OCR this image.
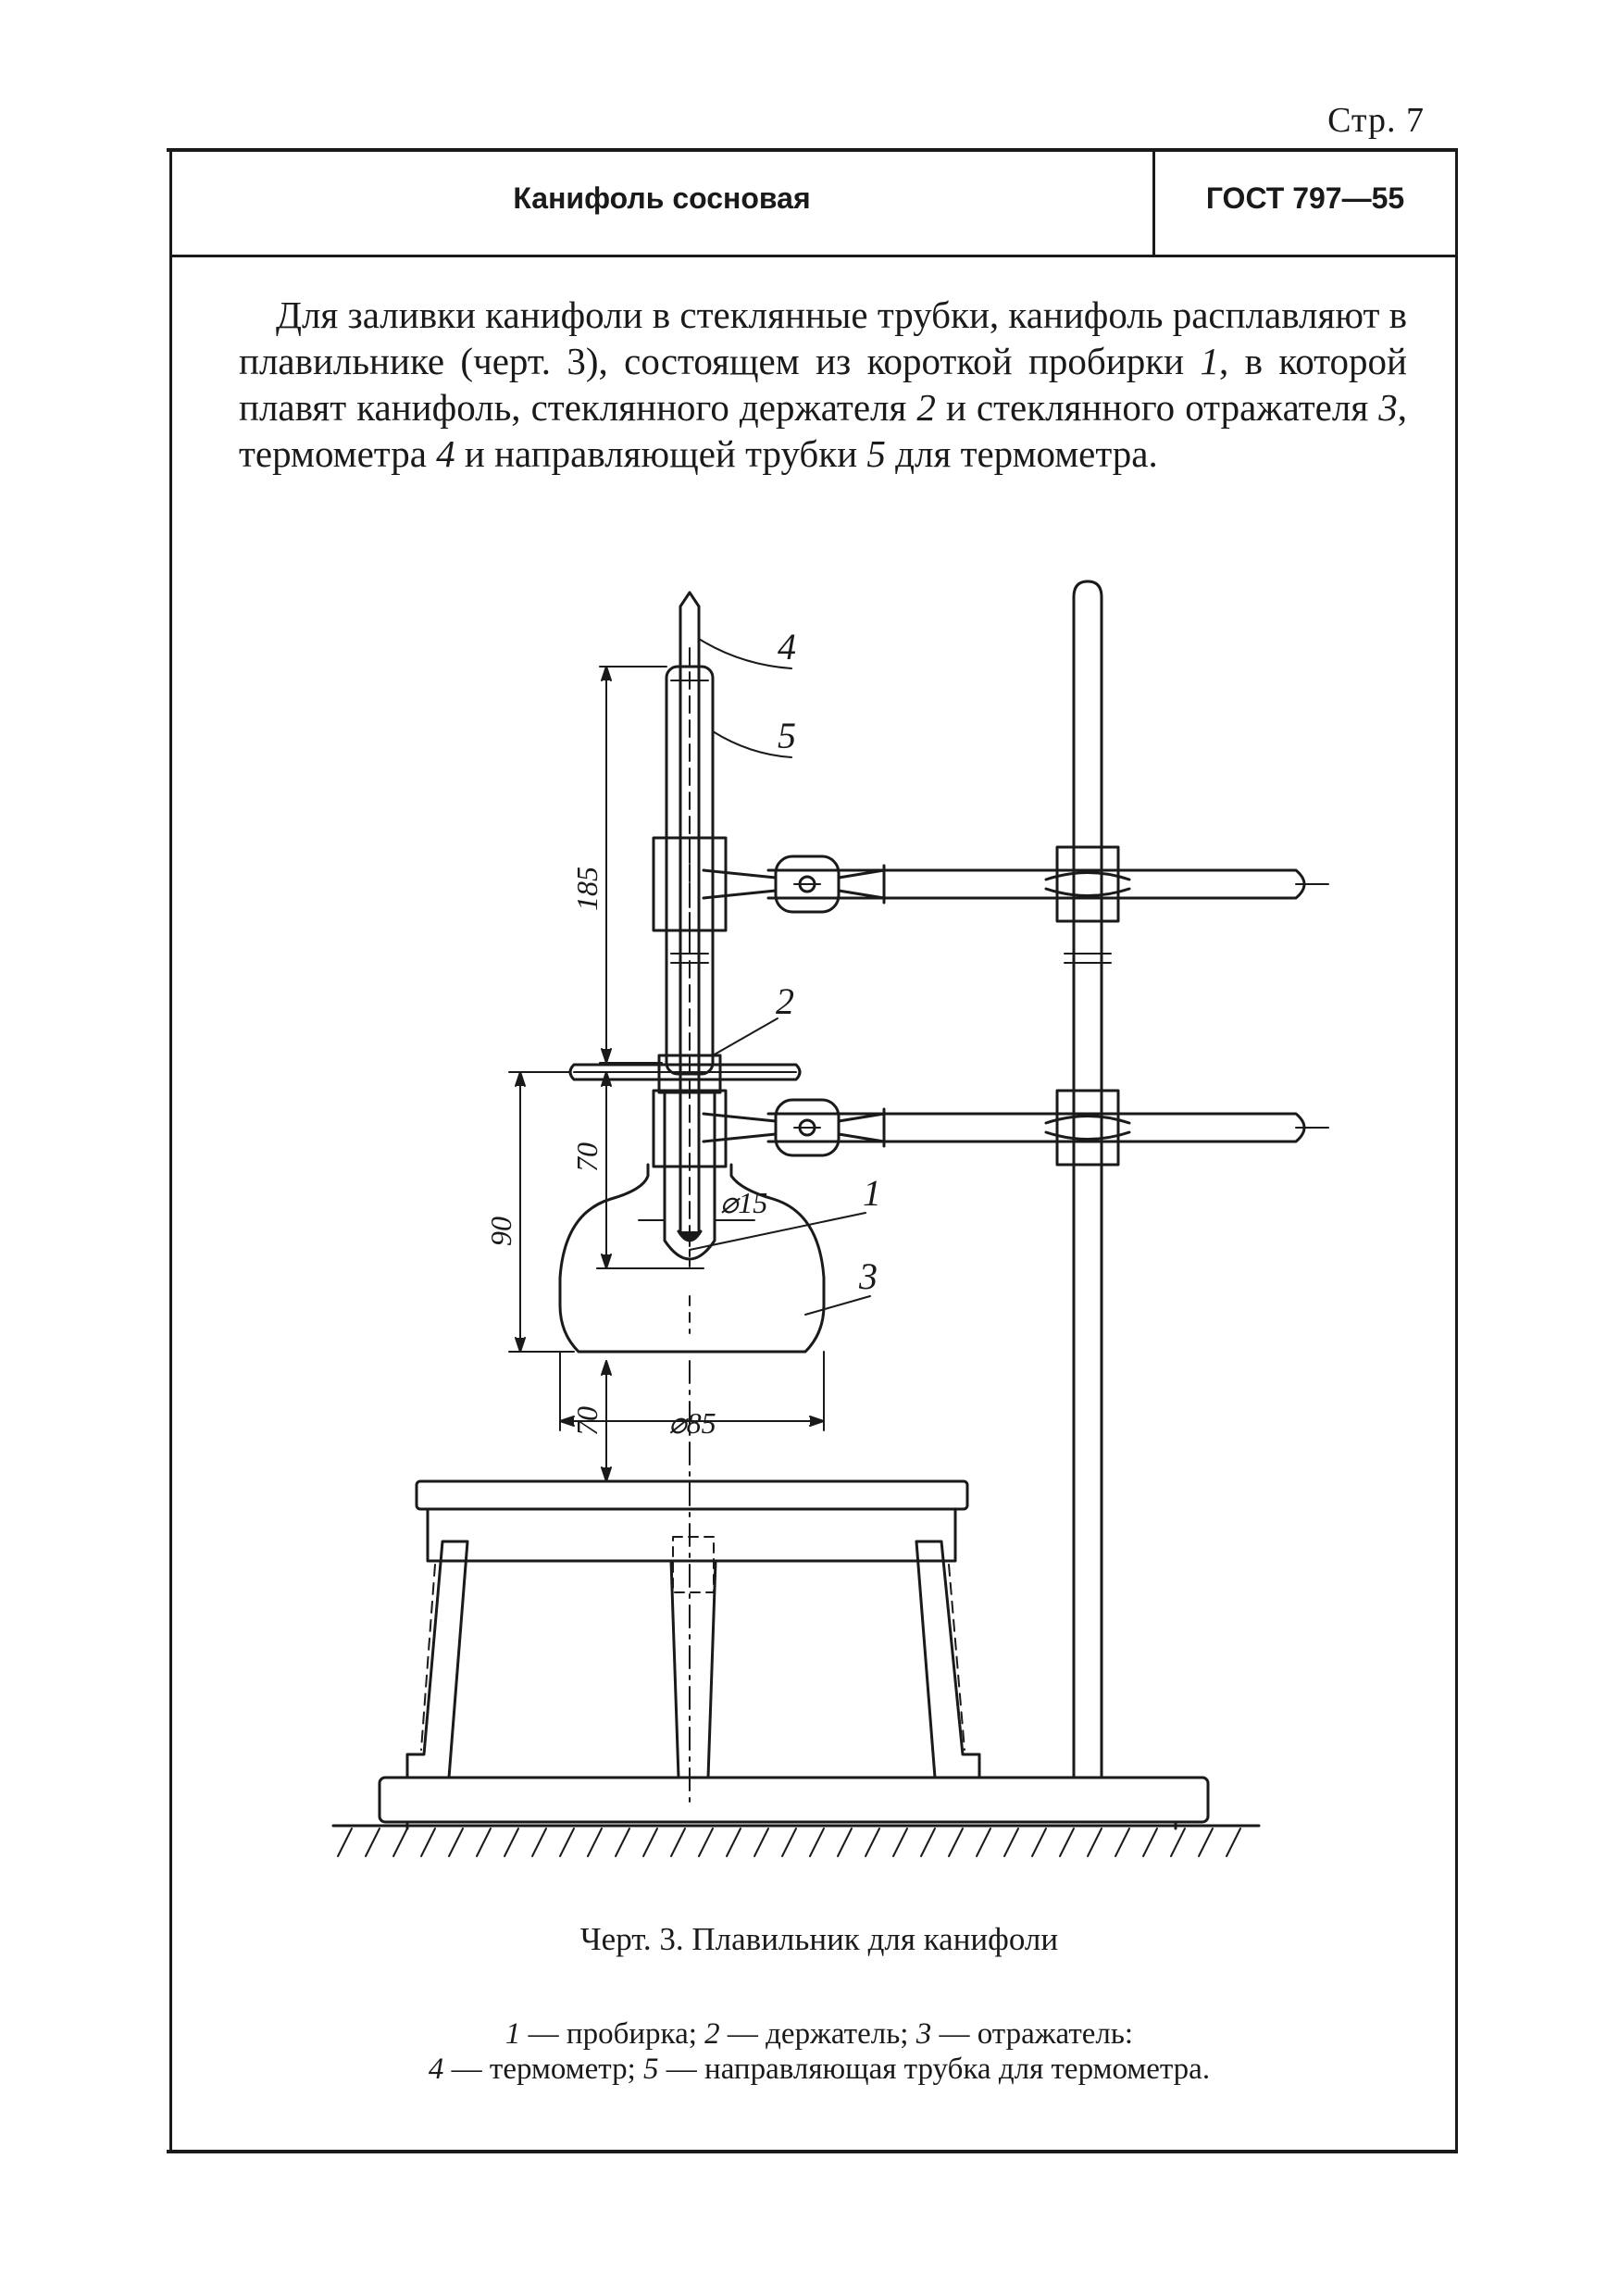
Стр. 7
Канифоль сосновая	ГОСТ 797—55

Для заливки канифоли в стеклянные трубки, канифоль расплавляют в плавильнике (черт. 3), состоящем из короткой пробирки 1, в которой плавят канифоль, стеклянного держателя 2 и стеклянного отражателя 3, термометра 4 и направляющей трубки 5 для термометра.

4
5
2
1
3
185
70
90
70
⌀15
⌀85
Черт. 3. Плавильник для канифоли
1 — пробирка; 2 — держатель; 3 — отражатель:
4 — термометр; 5 — направляющая трубка для термометра.
